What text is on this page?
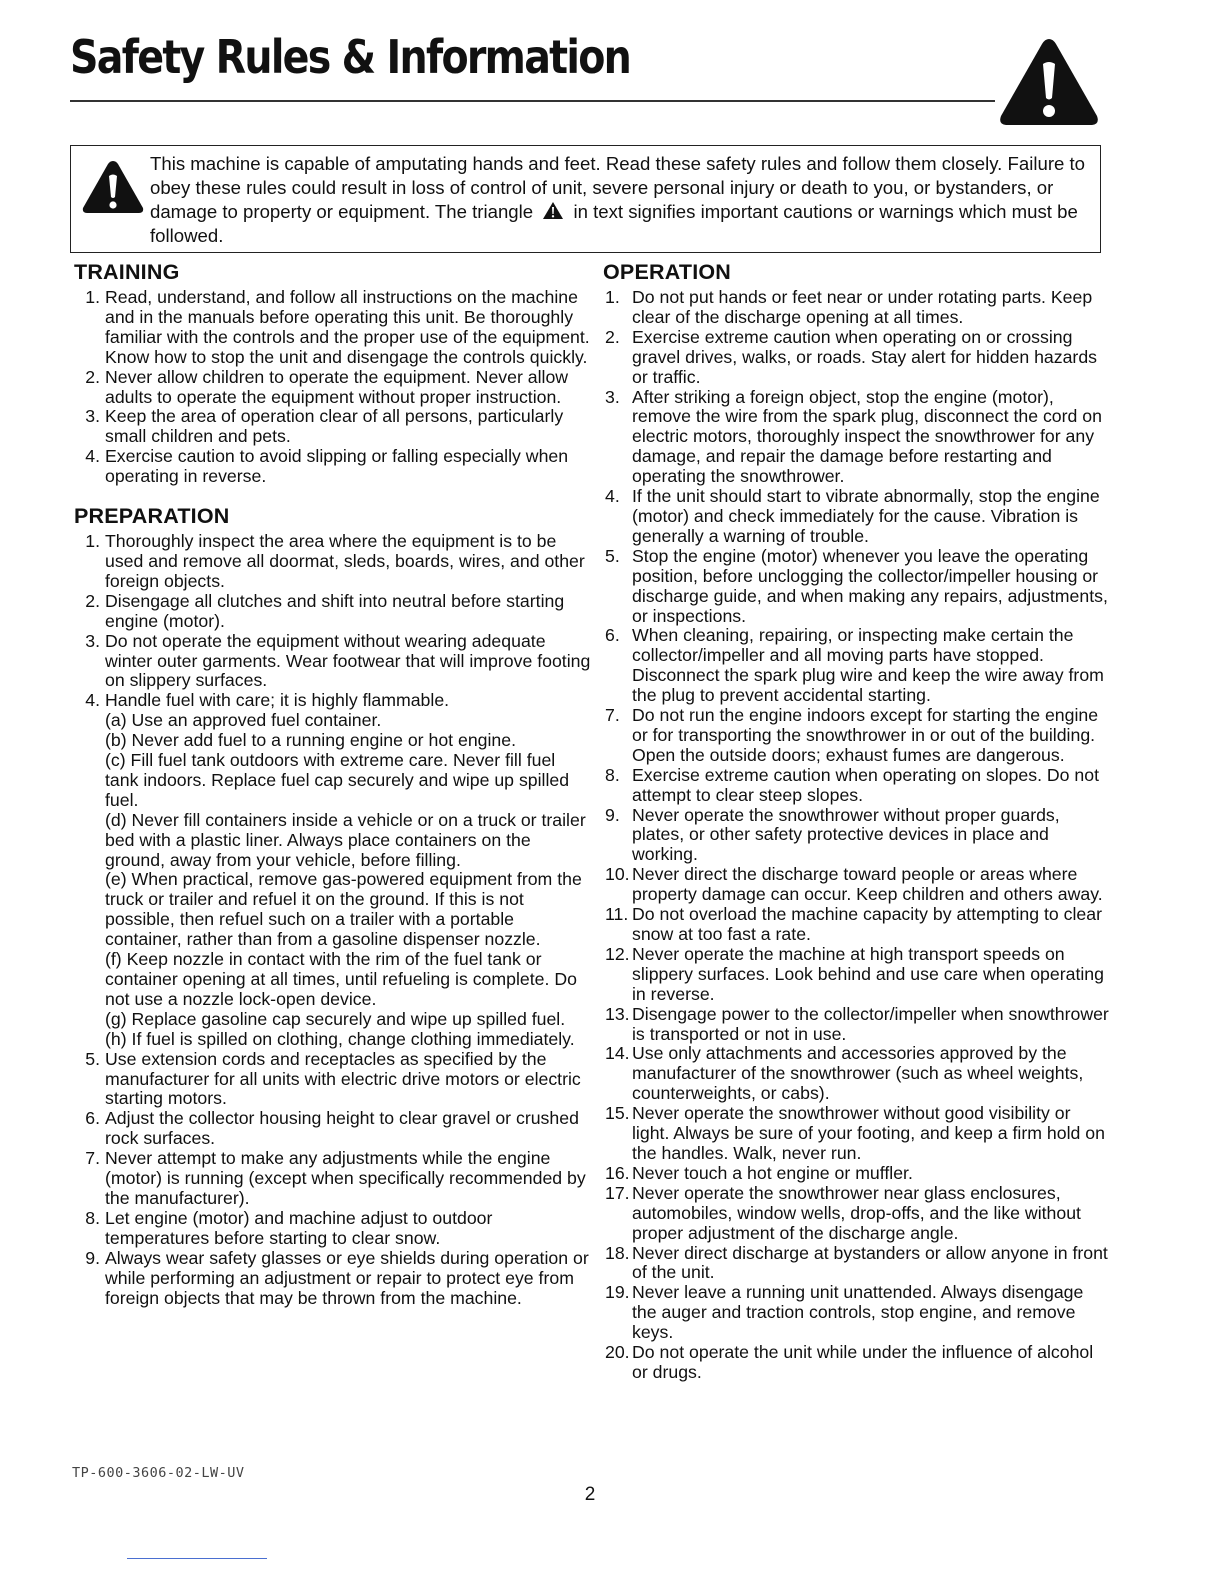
Safety Rules & Information
This machine is capable of amputating hands and feet. Read these safety rules and follow them closely. Failure to obey these rules could result in loss of control of unit, severe personal injury or death to you, or bystanders, or damage to property or equipment. The triangle in text signifies important cautions or warnings which must be followed.
TRAINING
1. Read, understand, and follow all instructions on the machine and in the manuals before operating this unit. Be thoroughly familiar with the controls and the proper use of the equipment. Know how to stop the unit and disengage the controls quickly.
2. Never allow children to operate the equipment. Never allow adults to operate the equipment without proper instruction.
3. Keep the area of operation clear of all persons, particularly small children and pets.
4. Exercise caution to avoid slipping or falling especially when operating in reverse.
PREPARATION
1. Thoroughly inspect the area where the equipment is to be used and remove all doormat, sleds, boards, wires, and other foreign objects.
2. Disengage all clutches and shift into neutral before starting engine (motor).
3. Do not operate the equipment without wearing adequate winter outer garments. Wear footwear that will improve footing on slippery surfaces.
4. Handle fuel with care; it is highly flammable.
(a) Use an approved fuel container.
(b) Never add fuel to a running engine or hot engine.
(c) Fill fuel tank outdoors with extreme care. Never fill fuel tank indoors. Replace fuel cap securely and wipe up spilled fuel.
(d) Never fill containers inside a vehicle or on a truck or trailer bed with a plastic liner. Always place containers on the ground, away from your vehicle, before filling.
(e) When practical, remove gas-powered equipment from the truck or trailer and refuel it on the ground. If this is not possible, then refuel such on a trailer with a portable container, rather than from a gasoline dispenser nozzle.
(f) Keep nozzle in contact with the rim of the fuel tank or container opening at all times, until refueling is complete. Do not use a nozzle lock-open device.
(g) Replace gasoline cap securely and wipe up spilled fuel.
(h) If fuel is spilled on clothing, change clothing immediately.
5. Use extension cords and receptacles as specified by the manufacturer for all units with electric drive motors or electric starting motors.
6. Adjust the collector housing height to clear gravel or crushed rock surfaces.
7. Never attempt to make any adjustments while the engine (motor) is running (except when specifically recommended by the manufacturer).
8. Let engine (motor) and machine adjust to outdoor temperatures before starting to clear snow.
9. Always wear safety glasses or eye shields during operation or while performing an adjustment or repair to protect eye from foreign objects that may be thrown from the machine.
OPERATION
1. Do not put hands or feet near or under rotating parts. Keep clear of the discharge opening at all times.
2. Exercise extreme caution when operating on or crossing gravel drives, walks, or roads. Stay alert for hidden hazards or traffic.
3. After striking a foreign object, stop the engine (motor), remove the wire from the spark plug, disconnect the cord on electric motors, thoroughly inspect the snowthrower for any damage, and repair the damage before restarting and operating the snowthrower.
4. If the unit should start to vibrate abnormally, stop the engine (motor) and check immediately for the cause. Vibration is generally a warning of trouble.
5. Stop the engine (motor) whenever you leave the operating position, before unclogging the collector/impeller housing or discharge guide, and when making any repairs, adjustments, or inspections.
6. When cleaning, repairing, or inspecting make certain the collector/impeller and all moving parts have stopped. Disconnect the spark plug wire and keep the wire away from the plug to prevent accidental starting.
7. Do not run the engine indoors except for starting the engine or for transporting the snowthrower in or out of the building. Open the outside doors; exhaust fumes are dangerous.
8. Exercise extreme caution when operating on slopes. Do not attempt to clear steep slopes.
9. Never operate the snowthrower without proper guards, plates, or other safety protective devices in place and working.
10. Never direct the discharge toward people or areas where property damage can occur. Keep children and others away.
11. Do not overload the machine capacity by attempting to clear snow at too fast a rate.
12. Never operate the machine at high transport speeds on slippery surfaces. Look behind and use care when operating in reverse.
13. Disengage power to the collector/impeller when snowthrower is transported or not in use.
14. Use only attachments and accessories approved by the manufacturer of the snowthrower (such as wheel weights, counterweights, or cabs).
15. Never operate the snowthrower without good visibility or light. Always be sure of your footing, and keep a firm hold on the handles. Walk, never run.
16. Never touch a hot engine or muffler.
17. Never operate the snowthrower near glass enclosures, automobiles, window wells, drop-offs, and the like without proper adjustment of the discharge angle.
18. Never direct discharge at bystanders or allow anyone in front of the unit.
19. Never leave a running unit unattended. Always disengage the auger and traction controls, stop engine, and remove keys.
20. Do not operate the unit while under the influence of alcohol or drugs.
TP-600-3606-02-LW-UV
2
